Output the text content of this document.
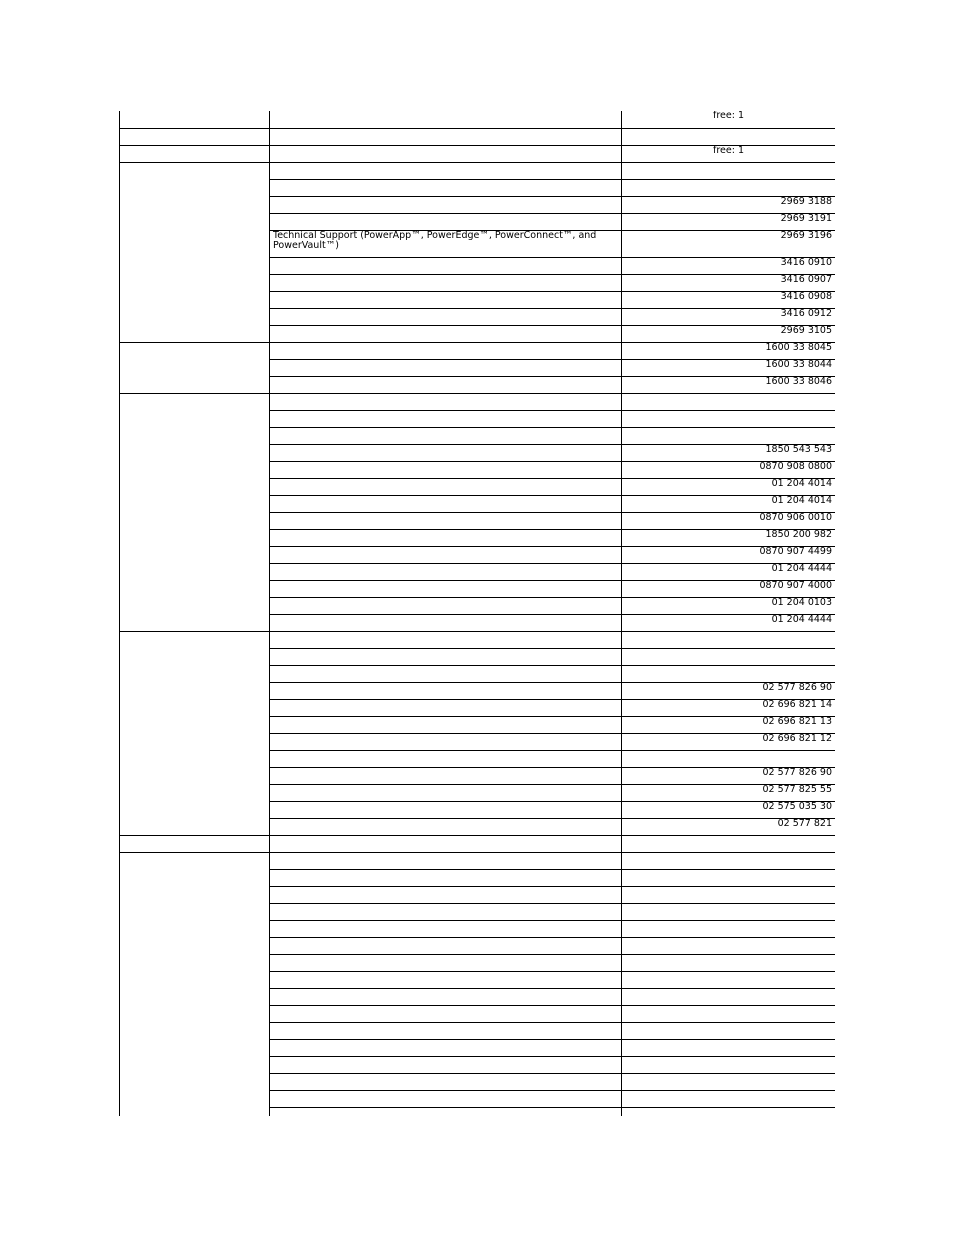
		free: 1

		free: 1

		2969 3188
		2969 3191
	Technical Support (PowerApp™, PowerEdge™, PowerConnect™, and PowerVault™)	2969 3196
		3416 0910
		3416 0907
		3416 0908
		3416 0912
		2969 3105
		1600 33 8045
		1600 33 8044
		1600 33 8046

		1850 543 543
		0870 908 0800
		01 204 4014
		01 204 4014
		0870 906 0010
		1850 200 982
		0870 907 4499
		01 204 4444
		0870 907 4000
		01 204 0103
		01 204 4444

		02 577 826 90
		02 696 821 14
		02 696 821 13
		02 696 821 12

		02 577 826 90
		02 577 825 55
		02 575 035 30
		02 577 821
